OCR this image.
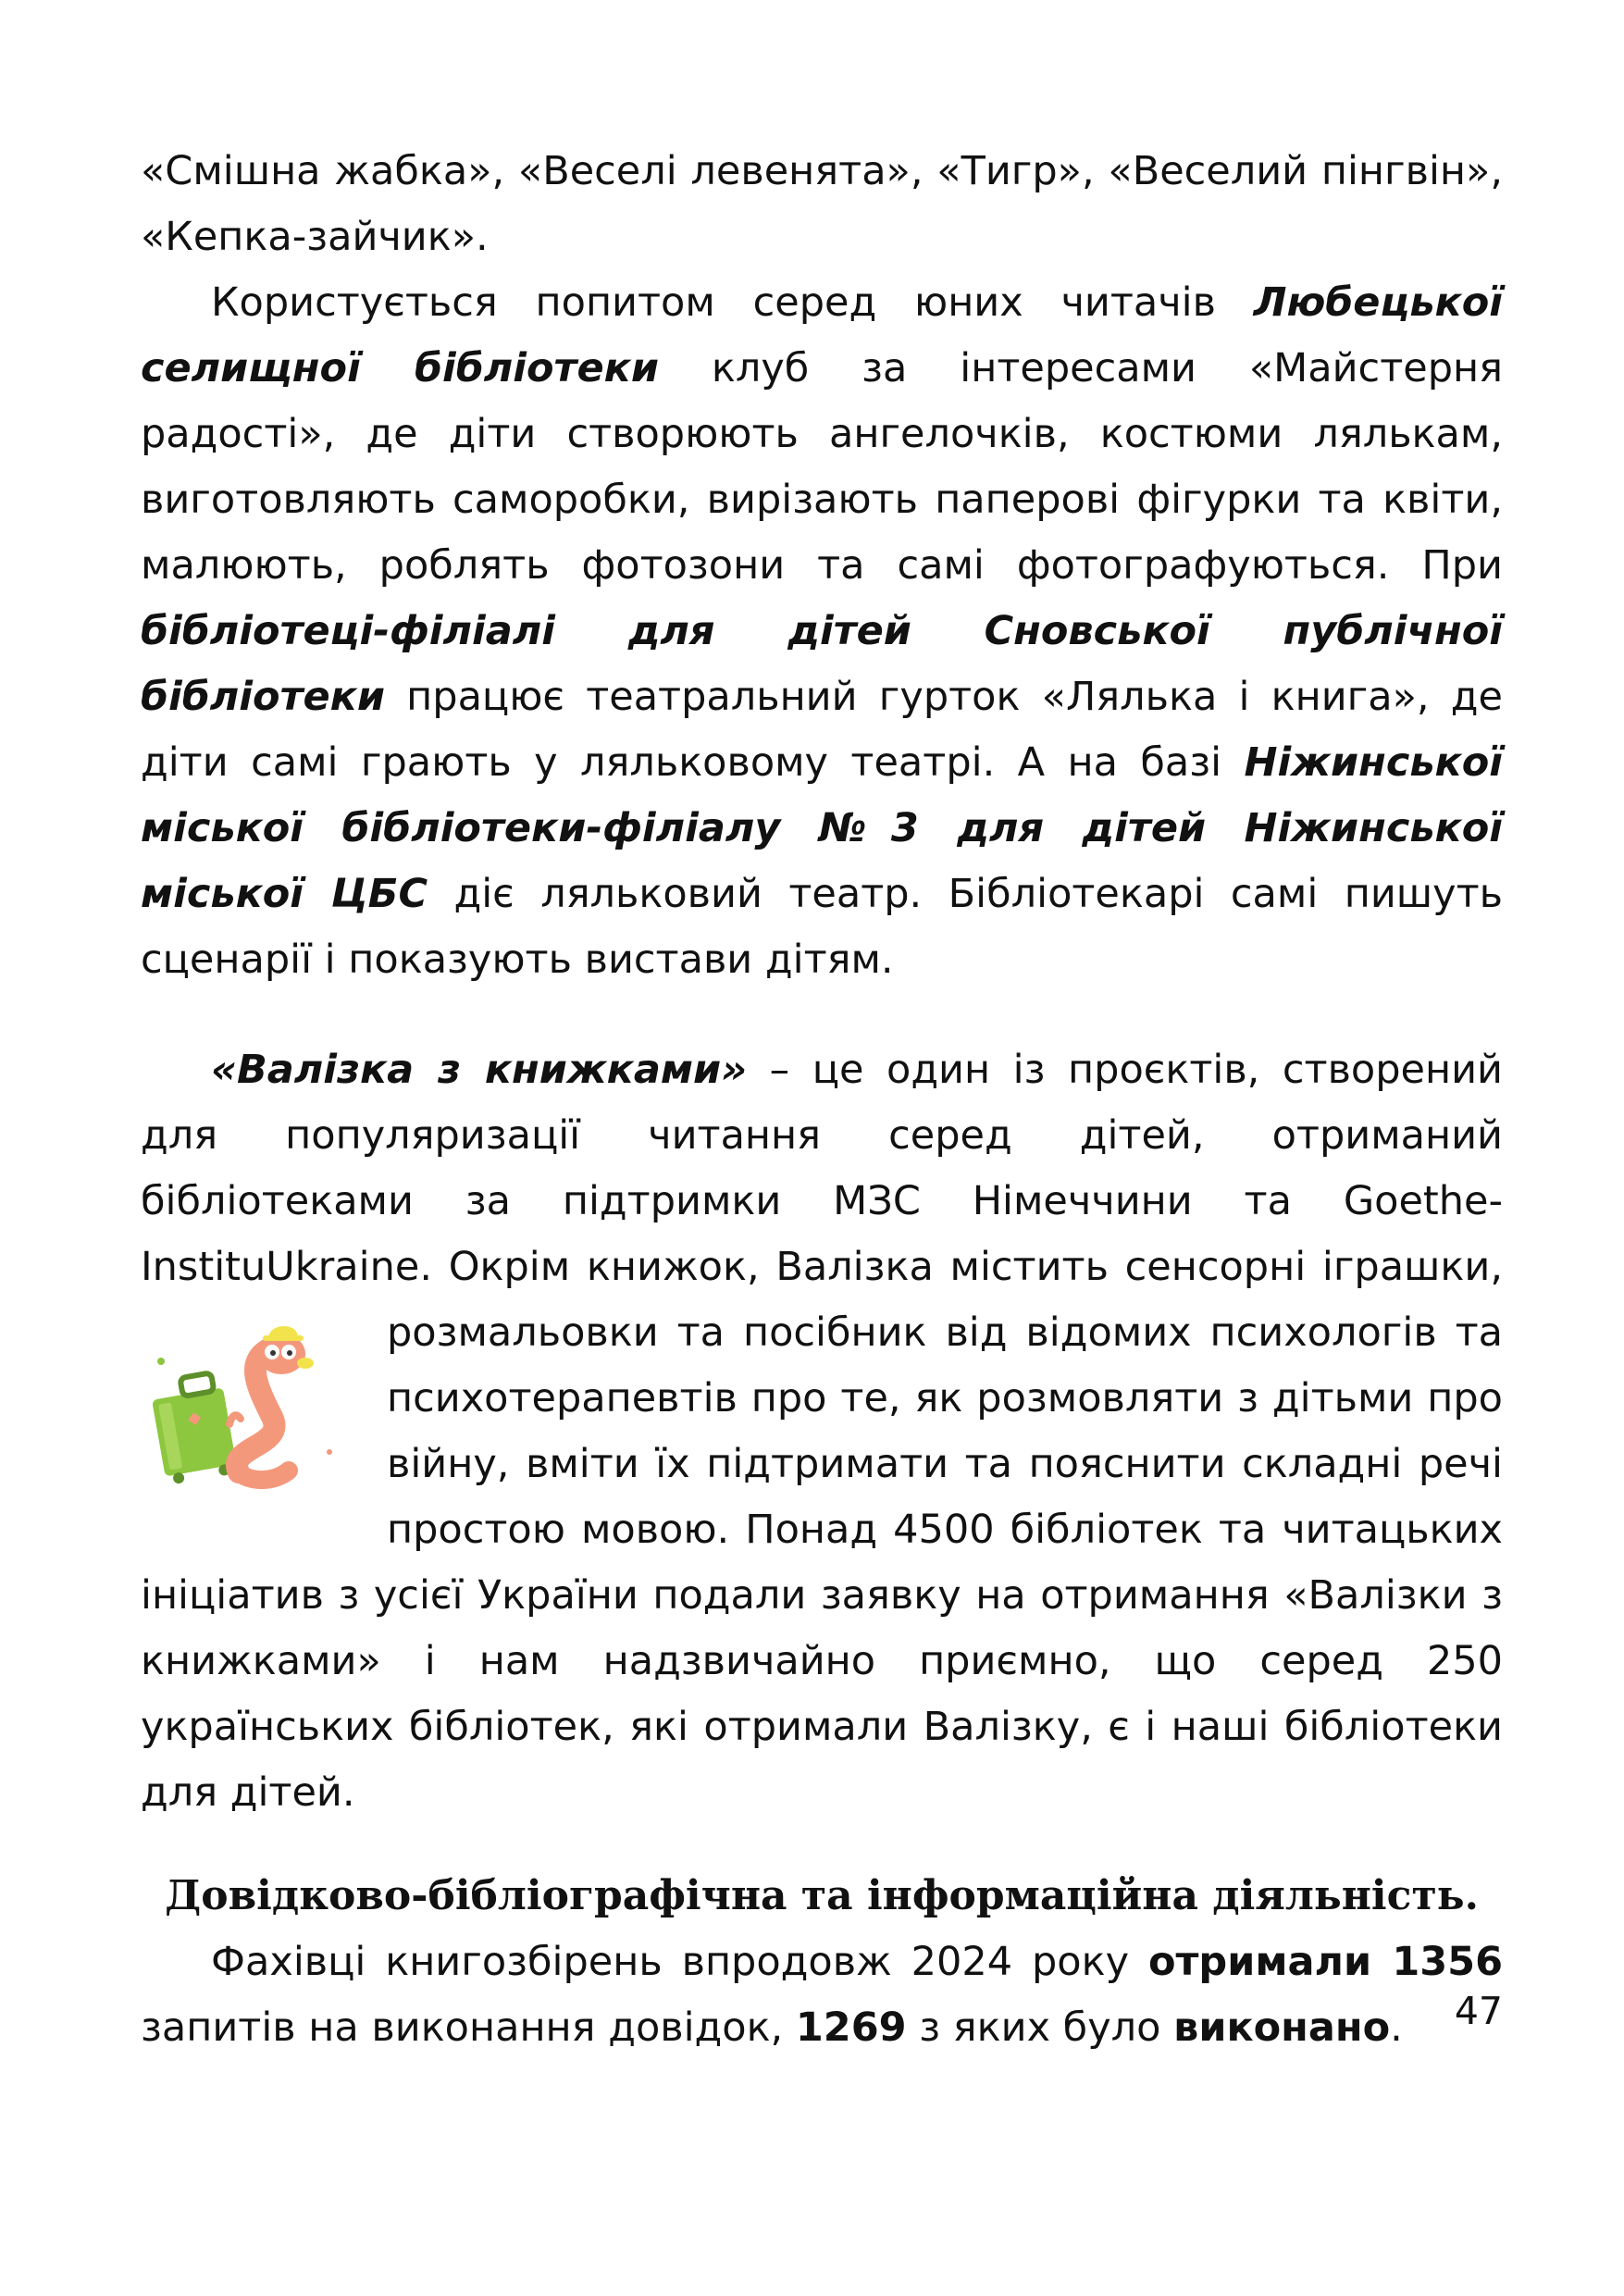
«Смішна жабка», «Веселі левенята», «Тигр», «Веселий пінгвін», «Кепка-зайчик».

Користується попитом серед юних читачів Любецької селищної бібліотеки клуб за інтересами «Майстерня радості», де діти створюють ангелочків, костюми лялькам, виготовляють саморобки, вирізають паперові фігурки та квіти, малюють, роблять фотозони та самі фотографуються. При бібліотеці-філіалі для дітей Сновської публічної бібліотеки працює театральний гурток «Лялька і книга», де діти самі грають у ляльковому театрі. А на базі Ніжинської міської бібліотеки-філіалу №3 для дітей Ніжинської міської ЦБС діє ляльковий театр. Бібліотекарі самі пишуть сценарії і показують вистави дітям.

«Валізка з книжками» – це один із проєктів, створений для популяризації читання серед дітей, отриманий бібліотеками за підтримки МЗС Німеччини та Goethe-InstituUkraine. Окрім книжок, Валізка містить сенсорні іграшки, розмальовки та
посібник від відомих психологів та психотерапевтів про те, як розмовляти з дітьми про війну, вміти їх підтримати та пояснити складні речі простою мовою. Понад 4500 бібліотек та читацьких ініціатив з усієї України подали заявку на отримання «Валізки з книжками» і нам надзвичайно приємно, що серед 250 українських бібліотек, які отримали Валізку, є і наші бібліотеки для дітей.

Довідково-бібліографічна та інформаційна діяльність.

Фахівці книгозбірень впродовж 2024 року отримали 1356 запитів на виконання довідок, 1269 з яких було виконано.	47
